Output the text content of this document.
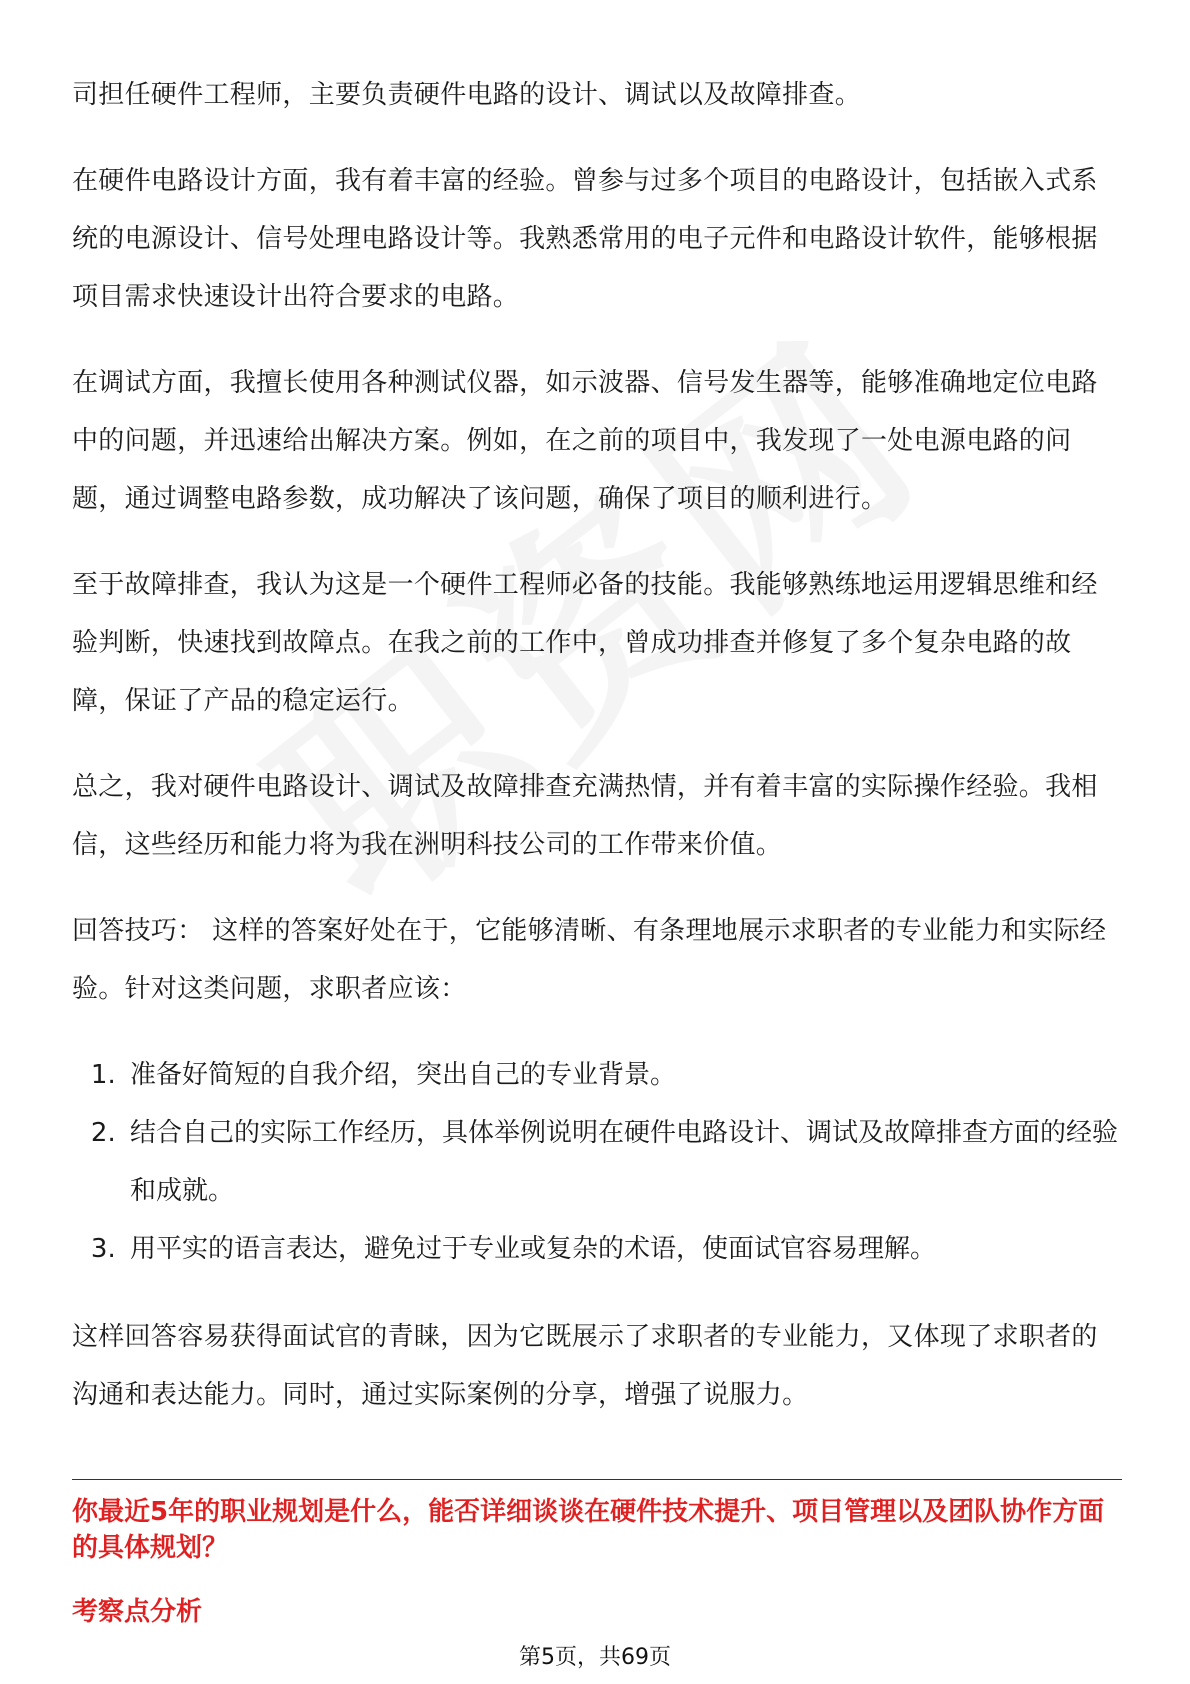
司担任硬件工程师，主要负责硬件电路的设计、调试以及故障排查。

在硬件电路设计方面，我有着丰富的经验。曾参与过多个项目的电路设计，包括嵌入式系统的电源设计、信号处理电路设计等。我熟悉常用的电子元件和电路设计软件，能够根据项目需求快速设计出符合要求的电路。

在调试方面，我擅长使用各种测试仪器，如示波器、信号发生器等，能够准确地定位电路中的问题，并迅速给出解决方案。例如，在之前的项目中，我发现了一处电源电路的问题，通过调整电路参数，成功解决了该问题，确保了项目的顺利进行。

至于故障排查，我认为这是一个硬件工程师必备的技能。我能够熟练地运用逻辑思维和经验判断，快速找到故障点。在我之前的工作中，曾成功排查并修复了多个复杂电路的故障，保证了产品的稳定运行。

总之，我对硬件电路设计、调试及故障排查充满热情，并有着丰富的实际操作经验。我相信，这些经历和能力将为我在洲明科技公司的工作带来价值。

回答技巧： 这样的答案好处在于，它能够清晰、有条理地展示求职者的专业能力和实际经验。针对这类问题，求职者应该：

1. 准备好简短的自我介绍，突出自己的专业背景。
2. 结合自己的实际工作经历，具体举例说明在硬件电路设计、调试及故障排查方面的经验和成就。
3. 用平实的语言表达，避免过于专业或复杂的术语，使面试官容易理解。

这样回答容易获得面试官的青睐，因为它既展示了求职者的专业能力，又体现了求职者的沟通和表达能力。同时，通过实际案例的分享，增强了说服力。

你最近5年的职业规划是什么，能否详细谈谈在硬件技术提升、项目管理以及团队协作方面的具体规划？

考察点分析

第5页，共69页
